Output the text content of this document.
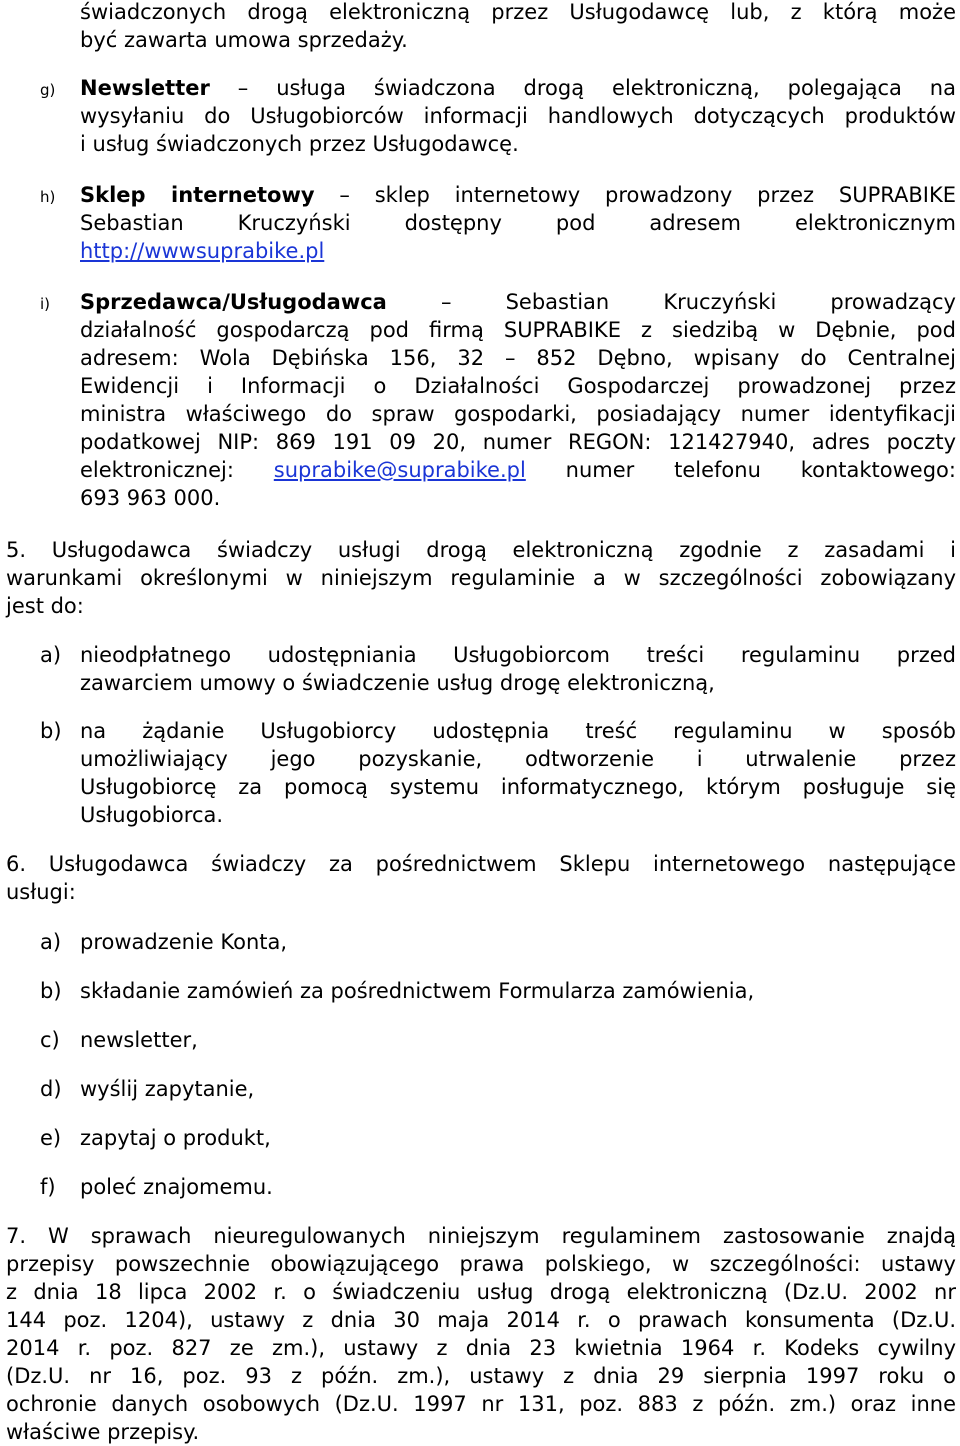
świadczonych drogą elektroniczną przez Usługodawcę lub, z którą może
być zawarta umowa sprzedaży.
g) Newsletter – usługa świadczona drogą elektroniczną, polegająca na
wysyłaniu do Usługobiorców informacji handlowych dotyczących produktów
i usług świadczonych przez Usługodawcę.
h) Sklep internetowy – sklep internetowy prowadzony przez SUPRABIKE
Sebastian Kruczyński dostępny pod adresem elektronicznym
http://wwwsuprabike.pl
i) Sprzedawca/Usługodawca	– Sebastian Kruczyński prowadzący
działalność gospodarczą pod firmą SUPRABIKE z siedzibą w Dębnie, pod
adresem: Wola Dębińska 156, 32 – 852 Dębno, wpisany do Centralnej
Ewidencji i Informacji o Działalności Gospodarczej prowadzonej przez
ministra właściwego do spraw gospodarki, posiadający numer identyfikacji
podatkowej NIP: 869 191 09 20, numer REGON: 121427940, adres poczty
elektronicznej: suprabike@suprabike.pl numer telefonu kontaktowego:
693 963 000.
5. Usługodawca świadczy usługi drogą elektroniczną zgodnie z zasadami i
warunkami określonymi w niniejszym regulaminie a w szczególności zobowiązany
jest do:
a) nieodpłatnego udostępniania Usługobiorcom treści regulaminu przed
zawarciem umowy o świadczenie usług drogę elektroniczną,
b) na żądanie Usługobiorcy udostępnia treść regulaminu w sposób
umożliwiający jego pozyskanie, odtworzenie i utrwalenie przez
Usługobiorcę za pomocą systemu informatycznego, którym posługuje się
Usługobiorca.
6. Usługodawca świadczy za pośrednictwem Sklepu internetowego następujące
usługi:
a) prowadzenie Konta,
b) składanie zamówień za pośrednictwem Formularza zamówienia,
c) newsletter,
d) wyślij zapytanie,
e) zapytaj o produkt,
f) poleć znajomemu.
7. W sprawach nieuregulowanych niniejszym regulaminem zastosowanie znajdą
przepisy powszechnie obowiązującego prawa polskiego, w szczególności: ustawy
z dnia 18 lipca 2002 r. o świadczeniu usług drogą elektroniczną (Dz.U. 2002 nr
144 poz. 1204), ustawy z dnia 30 maja 2014 r. o prawach konsumenta (Dz.U.
2014 r. poz. 827 ze zm.), ustawy z dnia 23 kwietnia 1964 r. Kodeks cywilny
(Dz.U. nr 16, poz. 93 z późn. zm.), ustawy z dnia 29 sierpnia 1997 roku o
ochronie danych osobowych (Dz.U. 1997 nr 131, poz. 883 z późn. zm.) oraz inne
właściwe przepisy.
